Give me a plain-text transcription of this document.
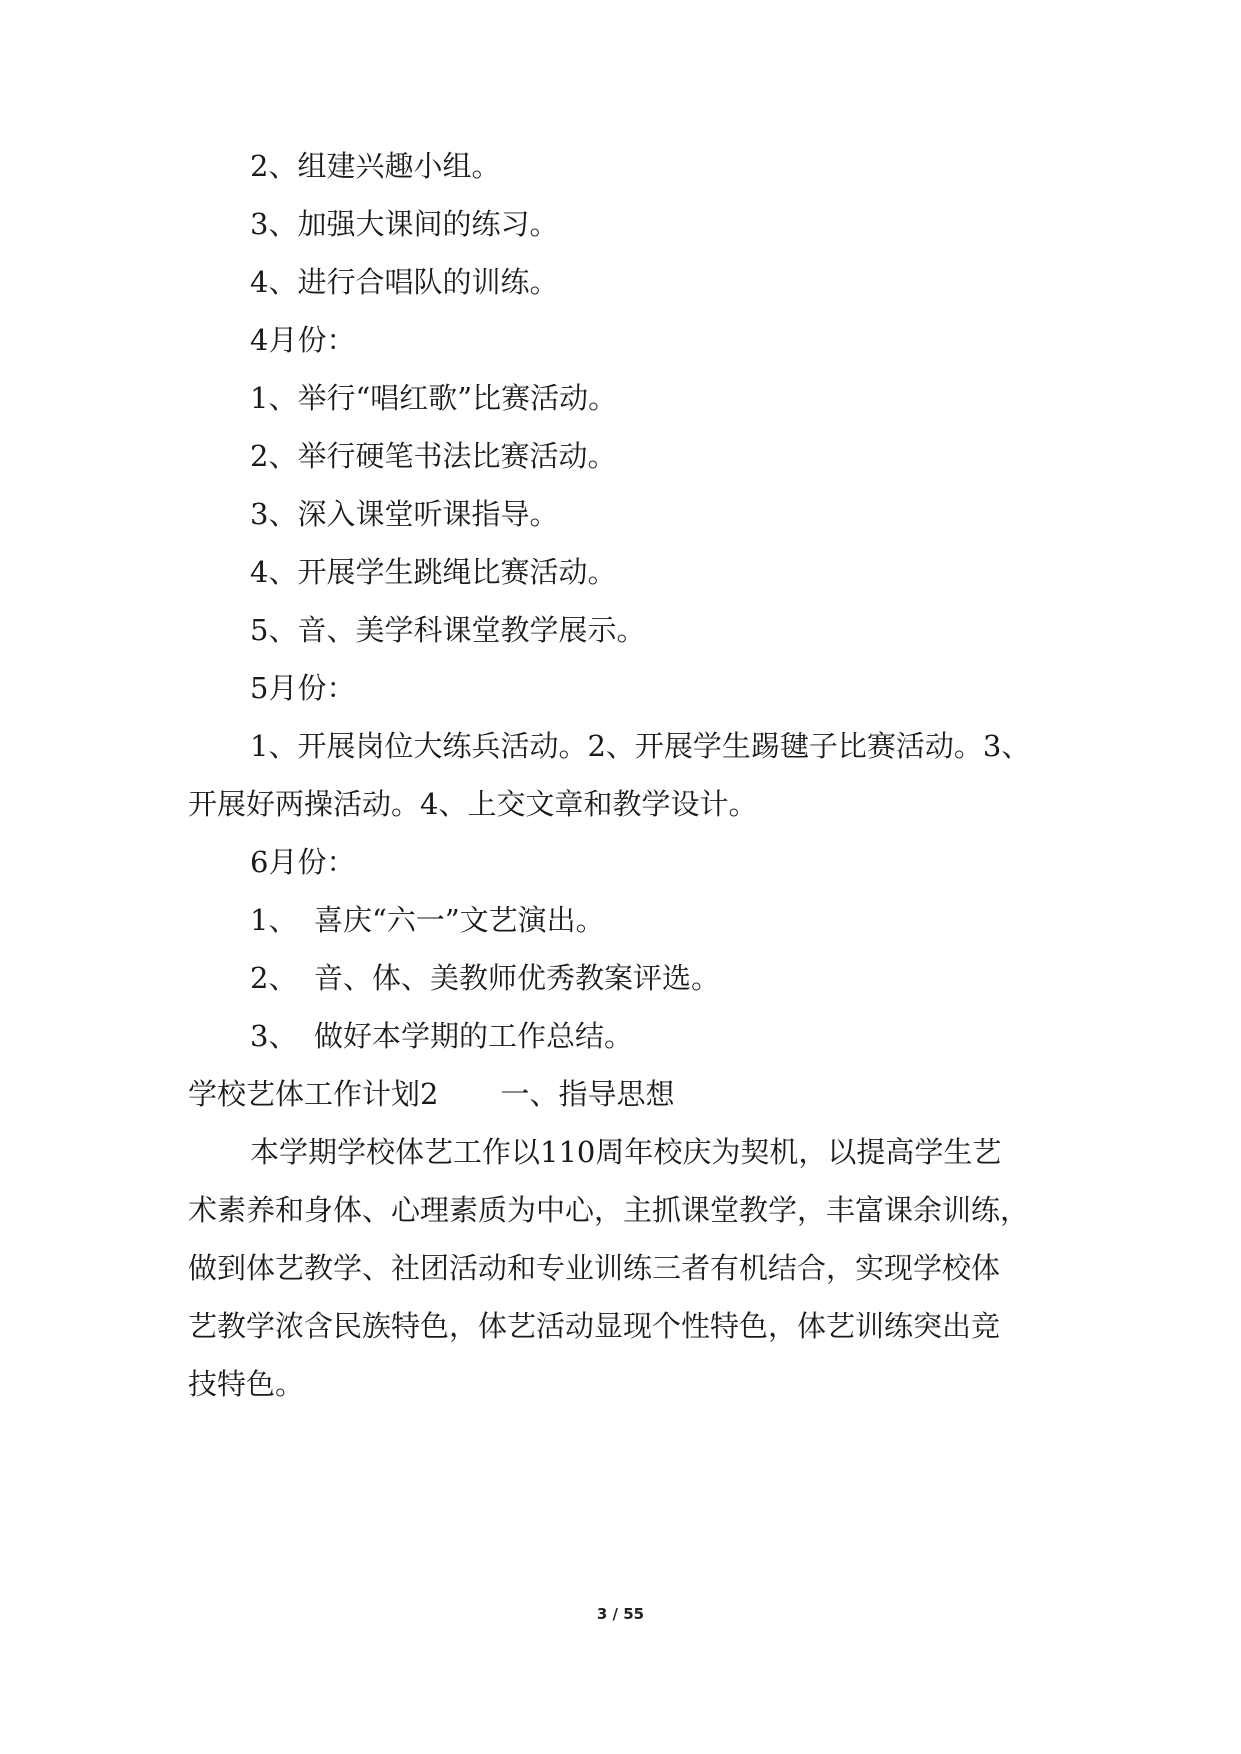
2、组建兴趣小组。
3、加强大课间的练习。
4、进行合唱队的训练。
4月份：
1、举行“唱红歌”比赛活动。
2、举行硬笔书法比赛活动。
3、深入课堂听课指导。
4、开展学生跳绳比赛活动。
5、音、美学科课堂教学展示。
5月份：
1、开展岗位大练兵活动。2、开展学生踢毽子比赛活动。3、
开展好两操活动。4、上交文章和教学设计。
6月份：
1、 喜庆“六一”文艺演出。
2、 音、体、美教师优秀教案评选。
3、 做好本学期的工作总结。
学校艺体工作计划2 一、指导思想
本学期学校体艺工作以110周年校庆为契机，以提高学生艺
术素养和身体、心理素质为中心，主抓课堂教学，丰富课余训练，
做到体艺教学、社团活动和专业训练三者有机结合，实现学校体
艺教学浓含民族特色，体艺活动显现个性特色，体艺训练突出竞
技特色。
3 / 55
